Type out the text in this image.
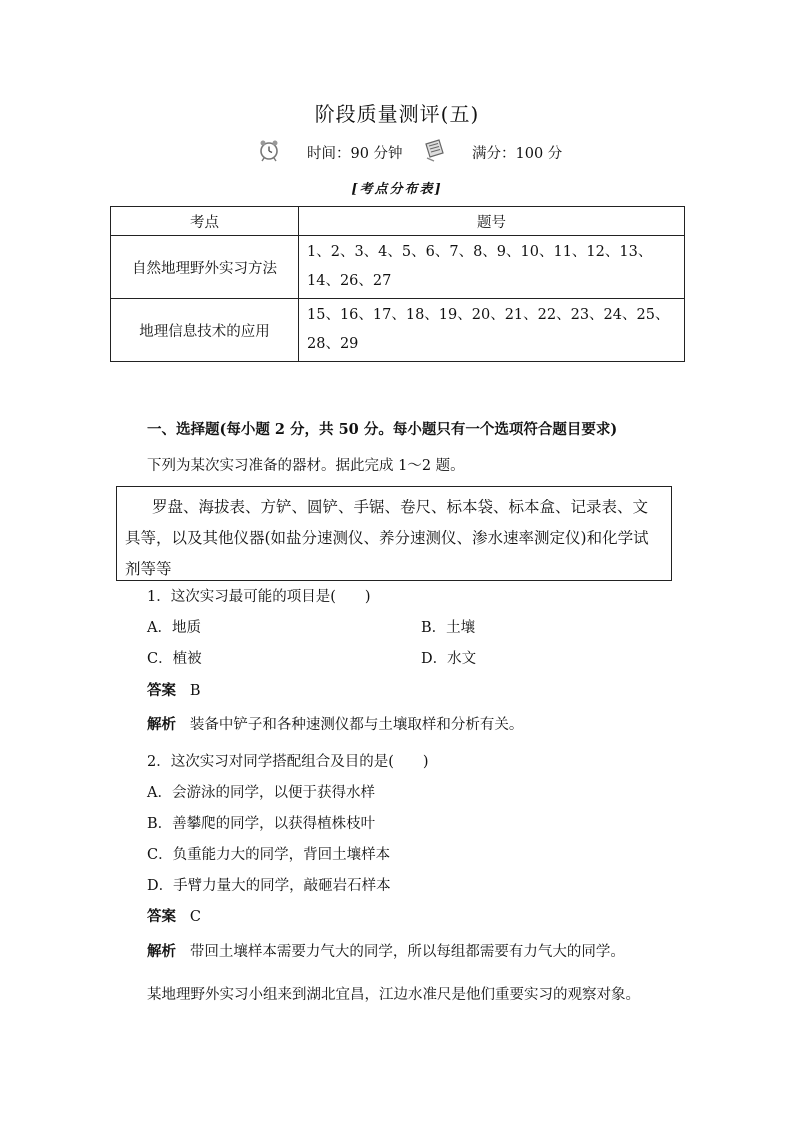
阶段质量测评(五)
时间：90 分钟	满分：100 分
[考点分布表]
考点	题号
自然地理野外实习方法	1、2、3、4、5、6、7、8、9、10、11、12、13、14、26、27
地理信息技术的应用	15、16、17、18、19、20、21、22、23、24、25、28、29
一、选择题(每小题 2 分，共 50 分。每小题只有一个选项符合题目要求)
下列为某次实习准备的器材。据此完成 1～2 题。
罗盘、海拔表、方铲、圆铲、手锯、卷尺、标本袋、标本盒、记录表、文具等，以及其他仪器(如盐分速测仪、养分速测仪、渗水速率测定仪)和化学试剂等等
1．这次实习最可能的项目是(　　)
A．地质	B．土壤
C．植被	D．水文
答案 B
解析 装备中铲子和各种速测仪都与土壤取样和分析有关。
2．这次实习对同学搭配组合及目的是(　　)
A．会游泳的同学，以便于获得水样
B．善攀爬的同学，以获得植株枝叶
C．负重能力大的同学，背回土壤样本
D．手臂力量大的同学，敲砸岩石样本
答案 C
解析 带回土壤样本需要力气大的同学，所以每组都需要有力气大的同学。
某地理野外实习小组来到湖北宜昌，江边水准尺是他们重要实习的观察对象。
